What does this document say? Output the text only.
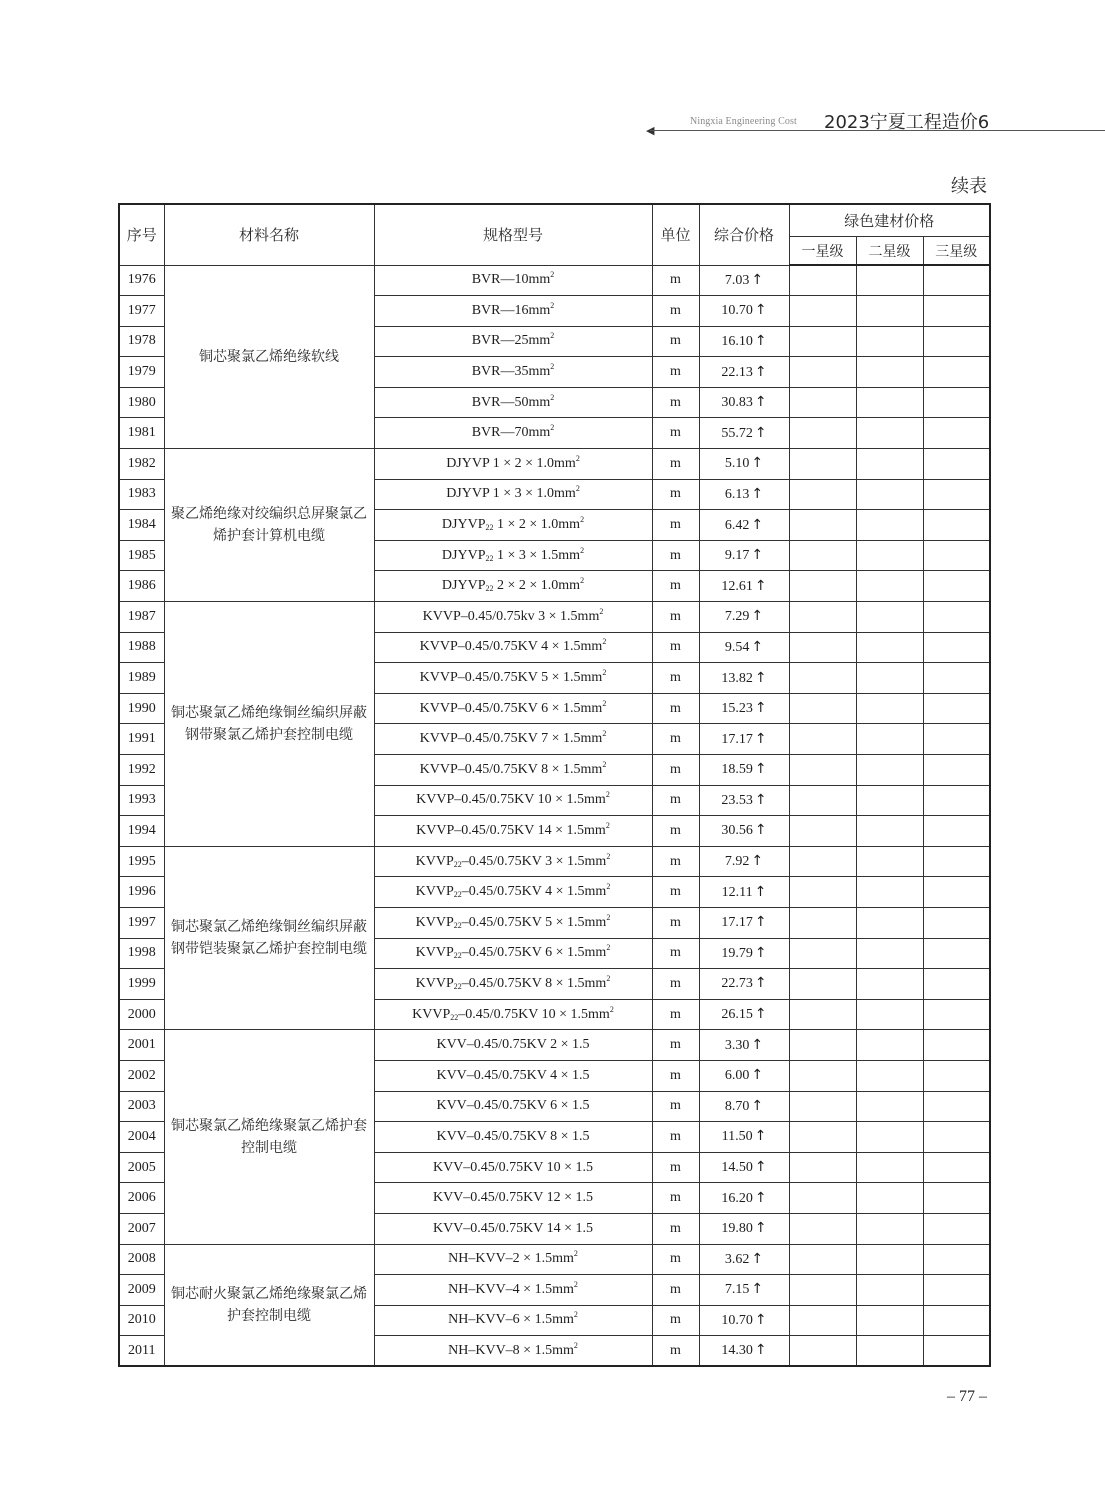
◀
Ningxia Engineering Cost 2023宁夏工程造价6
续表
序号	材料名称	规格型号	单位	综合价格	绿色建材价格		
					一星级	二星级	三星级
1976	铜芯聚氯乙烯绝缘软线	$BVR—10mm^2$	m	7.03 ↑			
1977		$BVR—16mm^2$	m	10.70 ↑			
1978		$BVR—25mm^2$	m	16.10 ↑			
1979		$BVR—35mm^2$	m	22.13 ↑			
1980		$BVR—50mm^2$	m	30.83 ↑			
1981		$BVR—70mm^2$	m	55.72 ↑			
1982	聚乙烯绝缘对绞编织总屏聚氯乙烯护套计算机电缆	DJYVP $1 \times 2 \times 1.0mm^2$	m	5.10 ↑			
1983		DJYVP $1 \times 3 \times 1.0mm^2$	m	6.13 ↑			
1984		$DJYVP_{22}$ $1 \times 2 \times 1.0mm^2$	m	6.42 ↑			
1985		$DJYVP_{22}$ $1 \times 3 \times 1.5mm^2$	m	9.17 ↑			
1986		$DJYVP_{22}$ $2 \times 2 \times 1.0mm^2$	m	12.61 ↑			
1987	铜芯聚氯乙烯绝缘铜丝编织屏蔽钢带聚氯乙烯护套控制电缆	KVVP–0.45/0.75kv $3 \times 1.5mm^2$	m	7.29 ↑			
1988		KVVP–0.45/0.75KV $4 \times 1.5mm^2$	m	9.54 ↑			
1989		KVVP–0.45/0.75KV $5 \times 1.5mm^2$	m	13.82 ↑			
1990		KVVP–0.45/0.75KV $6 \times 1.5mm^2$	m	15.23 ↑			
1991		KVVP–0.45/0.75KV $7 \times 1.5mm^2$	m	17.17 ↑			
1992		KVVP–0.45/0.75KV $8 \times 1.5mm^2$	m	18.59 ↑			
1993		KVVP–0.45/0.75KV $10 \times 1.5mm^2$	m	23.53 ↑			
1994		KVVP–0.45/0.75KV $14 \times 1.5mm^2$	m	30.56 ↑			
1995	铜芯聚氯乙烯绝缘铜丝编织屏蔽钢带铠装聚氯乙烯护套控制电缆	$KVVP_{22}-0.45/0.75KV$ $3 \times 1.5mm^2$	m	7.92 ↑			
1996		$KVVP_{22}-0.45/0.75KV$ $4 \times 1.5mm^2$	m	12.11 ↑			
1997		$KVVP_{22}-0.45/0.75KV$ $5 \times 1.5mm^2$	m	17.17 ↑			
1998		$KVVP_{22}-0.45/0.75KV$ $6 \times 1.5mm^2$	m	19.79 ↑			
1999		$KVVP_{22}-0.45/0.75KV$ $8 \times 1.5mm^2$	m	22.73 ↑			
2000		$KVVP_{22}-0.45/0.75KV$ $10 \times 1.5mm^2$	m	26.15 ↑			
2001	铜芯聚氯乙烯绝缘聚氯乙烯护套控制电缆	KVV–0.45/0.75KV 2 × 1.5	m	3.30 ↑			
2002		KVV–0.45/0.75KV 4 × 1.5	m	6.00 ↑			
2003		KVV–0.45/0.75KV 6 × 1.5	m	8.70 ↑			
2004		KVV–0.45/0.75KV 8 × 1.5	m	11.50 ↑			
2005		KVV–0.45/0.75KV 10 × 1.5	m	14.50 ↑			
2006		KVV–0.45/0.75KV 12 × 1.5	m	16.20 ↑			
2007		KVV–0.45/0.75KV 14 × 1.5	m	19.80 ↑			
2008	铜芯耐火聚氯乙烯绝缘聚氯乙烯护套控制电缆	$NH-KVV-2 \times 1.5mm^2$	m	3.62 ↑			
2009		$NH-KVV-4 \times 1.5mm^2$	m	7.15 ↑			
2010		$NH-KVV-6 \times 1.5mm^2$	m	10.70 ↑			
2011		$NH-KVV-8 \times 1.5mm^2$	m	14.30 ↑			
– 77 –
